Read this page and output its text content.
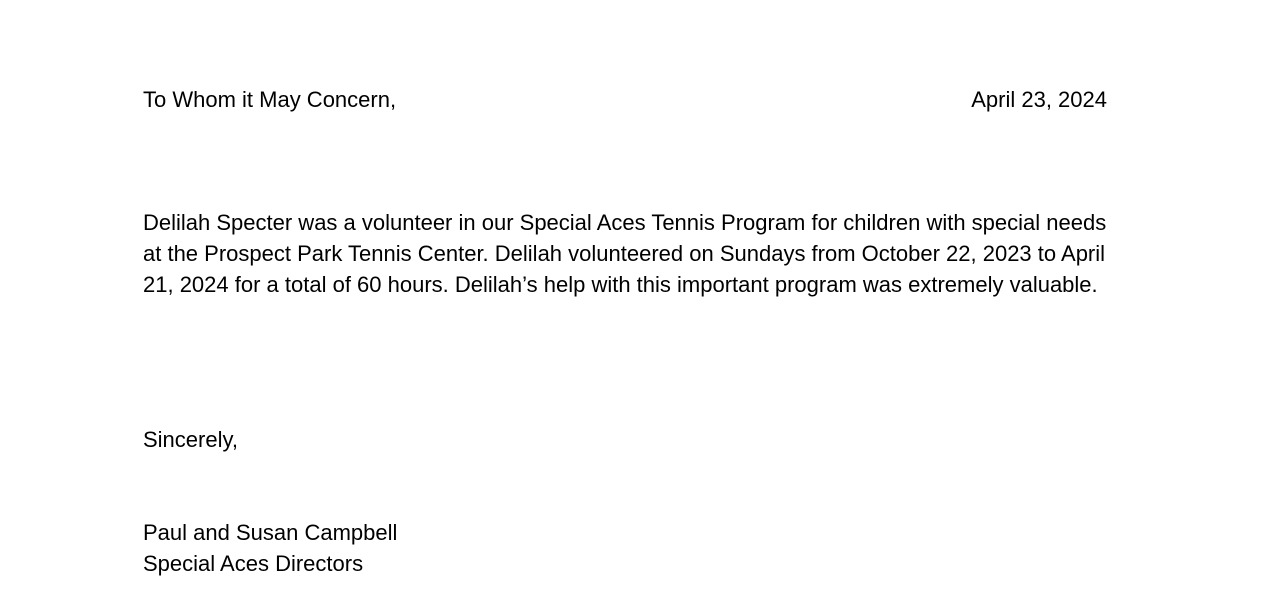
To Whom it May Concern,	April 23, 2024

Delilah Specter was a volunteer in our Special Aces Tennis Program for children with special needs at the Prospect Park Tennis Center. Delilah volunteered on Sundays from October 22, 2023 to April 21, 2024 for a total of 60 hours. Delilah’s help with this important program was extremely valuable.

Sincerely,
Paul and Susan Campbell
Special Aces Directors
